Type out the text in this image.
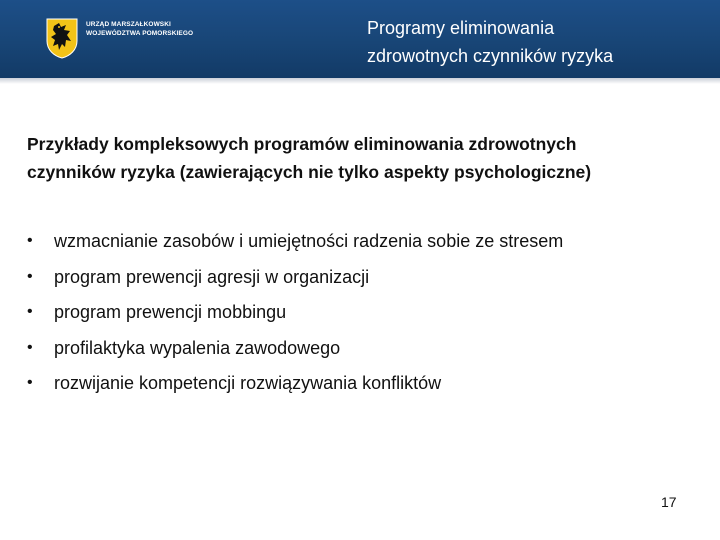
URZĄD MARSZAŁKOWSKI
WOJEWÓDZTWA POMORSKIEGO	Programy eliminowania
zdrowotnych czynników ryzyka
Przykłady kompleksowych programów eliminowania zdrowotnych
czynników ryzyka (zawierających nie tylko aspekty psychologiczne)
•	wzmacnianie zasobów i umiejętności radzenia sobie ze stresem
•	program prewencji agresji w organizacji
•	program prewencji mobbingu
•	profilaktyka wypalenia zawodowego
•	rozwijanie kompetencji rozwiązywania konfliktów
17
